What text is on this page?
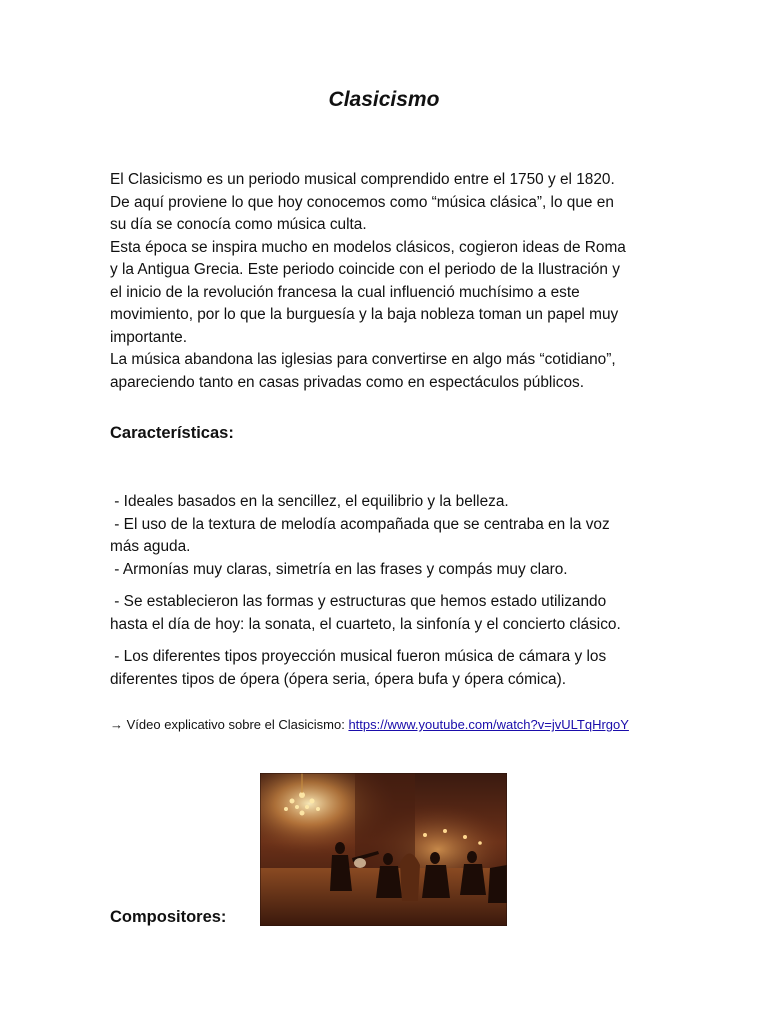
Clasicismo

El Clasicismo es un periodo musical comprendido entre el 1750 y el 1820.

De aquí proviene lo que hoy conocemos como “música clásica”, lo que en

su día se conocía como música culta.

Esta época se inspira mucho en modelos clásicos, cogieron ideas de Roma

y la Antigua Grecia. Este periodo coincide con el periodo de la Ilustración y

el inicio de la revolución francesa la cual influenció muchísimo a este

movimiento, por lo que la burguesía y la baja nobleza toman un papel muy

importante.

La música abandona las iglesias para convertirse en algo más “cotidiano”,

apareciendo tanto en casas privadas como en espectáculos públicos.

Características:

- Ideales basados en la sencillez, el equilibrio y la belleza.

- El uso de la textura de melodía acompañada que se centraba en la voz

más aguda.

- Armonías muy claras, simetría en las frases y compás muy claro.

- Se establecieron las formas y estructuras que hemos estado utilizando

hasta el día de hoy: la sonata, el cuarteto, la sinfonía y el concierto clásico.

- Los diferentes tipos proyección musical fueron música de cámara y los

diferentes tipos de ópera (ópera seria, ópera bufa y ópera cómica).

→ Vídeo explicativo sobre el Clasicismo: https://www.youtube.com/watch?v=jvULTqHrgoY
Compositores:
